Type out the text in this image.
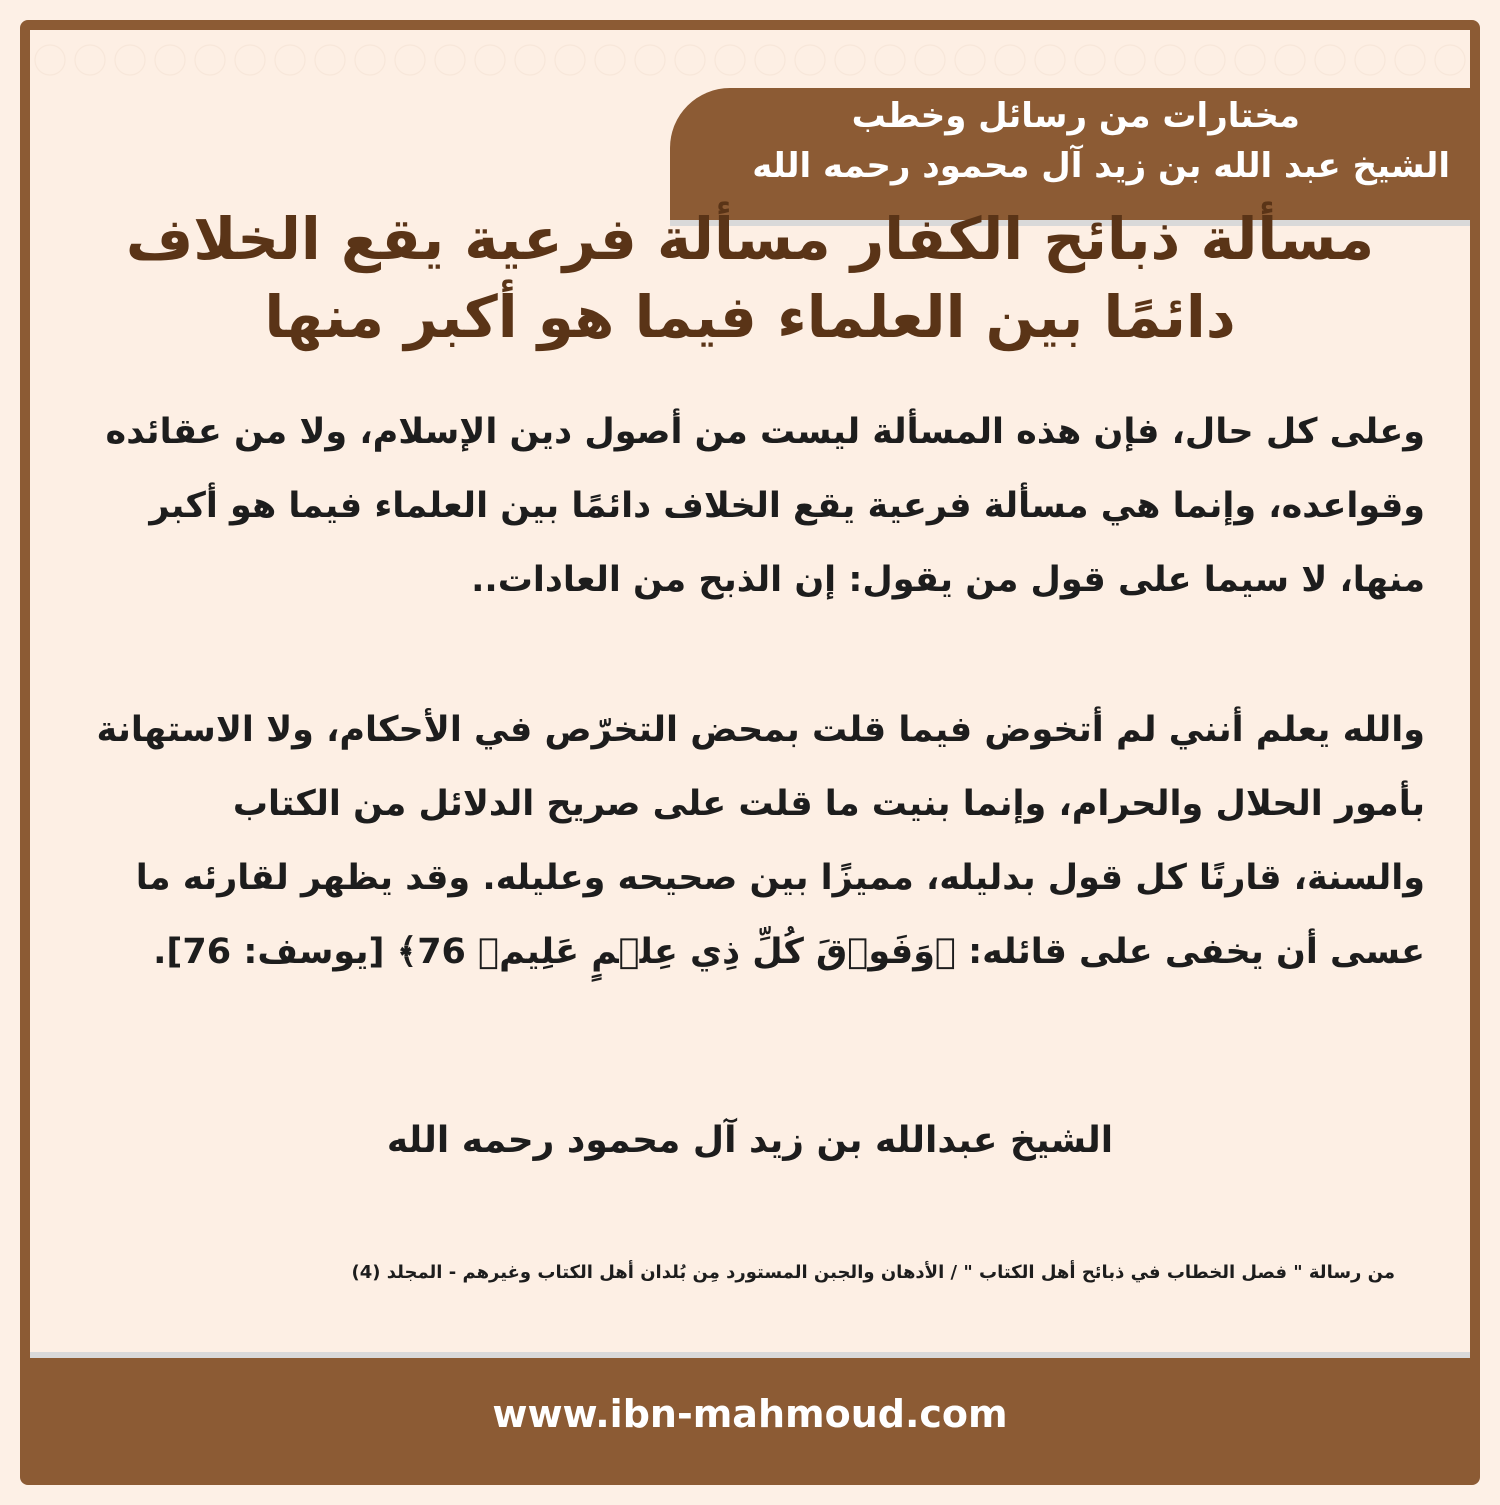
مختارات من رسائل وخطب
الشيخ عبد الله بن زيد آل محمود رحمه الله
مسألة ذبائح الكفار مسألة فرعية يقع الخلاف دائمًا بين العلماء فيما هو أكبر منها
وعلى كل حال، فإن هذه المسألة ليست من أصول دين الإسلام، ولا من عقائده وقواعده، وإنما هي مسألة فرعية يقع الخلاف دائمًا بين العلماء فيما هو أكبر منها، لا سيما على قول من يقول: إن الذبح من العادات..
والله يعلم أنني لم أتخوض فيما قلت بمحض التخرّص في الأحكام، ولا الاستهانة بأمور الحلال والحرام، وإنما بنيت ما قلت على صريح الدلائل من الكتاب والسنة، قارنًا كل قول بدليله، مميزًا بين صحيحه وعليله. وقد يظهر لقارئه ما عسى أن يخفى على قائله: ﴿وَفَوۡقَ كُلِّ ذِي عِلۡمٍ عَلِيمٞ 76﴾ [يوسف: 76].
الشيخ عبدالله بن زيد آل محمود رحمه الله
من رسالة " فصل الخطاب في ذبائح أهل الكتاب " / الأدهان والجبن المستورد مِن بُلدان أهل الكتاب وغيرهم - المجلد (4)
www.ibn-mahmoud.com
